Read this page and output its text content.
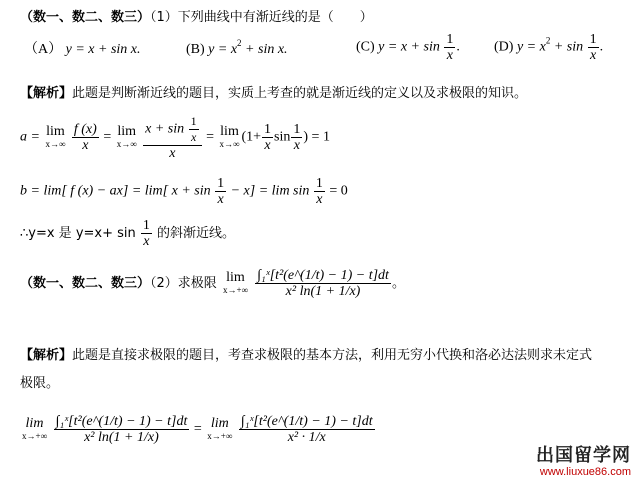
（数一、数二、数三）（1）下列曲线中有渐近线的是（　　）
（A） y = x + sin x.	(B) $y = x^2 + \sin x$.	(C) $y = x + \sin \frac{1}{x}$ . (D) $y = x^2 + \sin \frac{1}{x}$ .
【解析】此题是判断渐近线的题目，实质上考查的就是渐近线的定义以及求极限的知识。
a = lim
x→∞
$\frac{f (x)}{x} = \lim$
x→∞
$\frac{x + \sin \frac{1}{x}}{x} = \lim$
x→∞ ($1+ \frac{1}{x}$ $\sin \frac{1}{x}$ ) = 1
b = lim[ f (x) − ax] = lim[ $x + \sin \frac{1}{x} - x] = \lim \sin \frac{1}{x} = 0$
∴y=x 是 $y=x+ \sin \frac{1}{x}$ 的斜渐近线。
（数一、数二、数三）（2）求极限 lim
x→+∞
$\frac{\text{∫₁ˣ[t²(e\textasciicircum{}(1/t) − 1) − t]dt}}{\text{x² ln(1 + 1/x)}}$ 。
【解析】此题是直接求极限的题目，考查求极限的基本方法，利用无穷小代换和洛必达法则求未定式
极限。
lim
x→+∞
$\frac{\text{∫₁ˣ[t²(e\textasciicircum{}(1/t) − 1) − t]dt}}{\text{x² ln(1 + 1/x)}} = \lim$
x→+∞
$\frac{\text{∫₁ˣ[t²(e\textasciicircum{}(1/t) − 1) − t]dt}}{\text{x² · 1/x}}$
出国留学网
www.liuxue86.com
